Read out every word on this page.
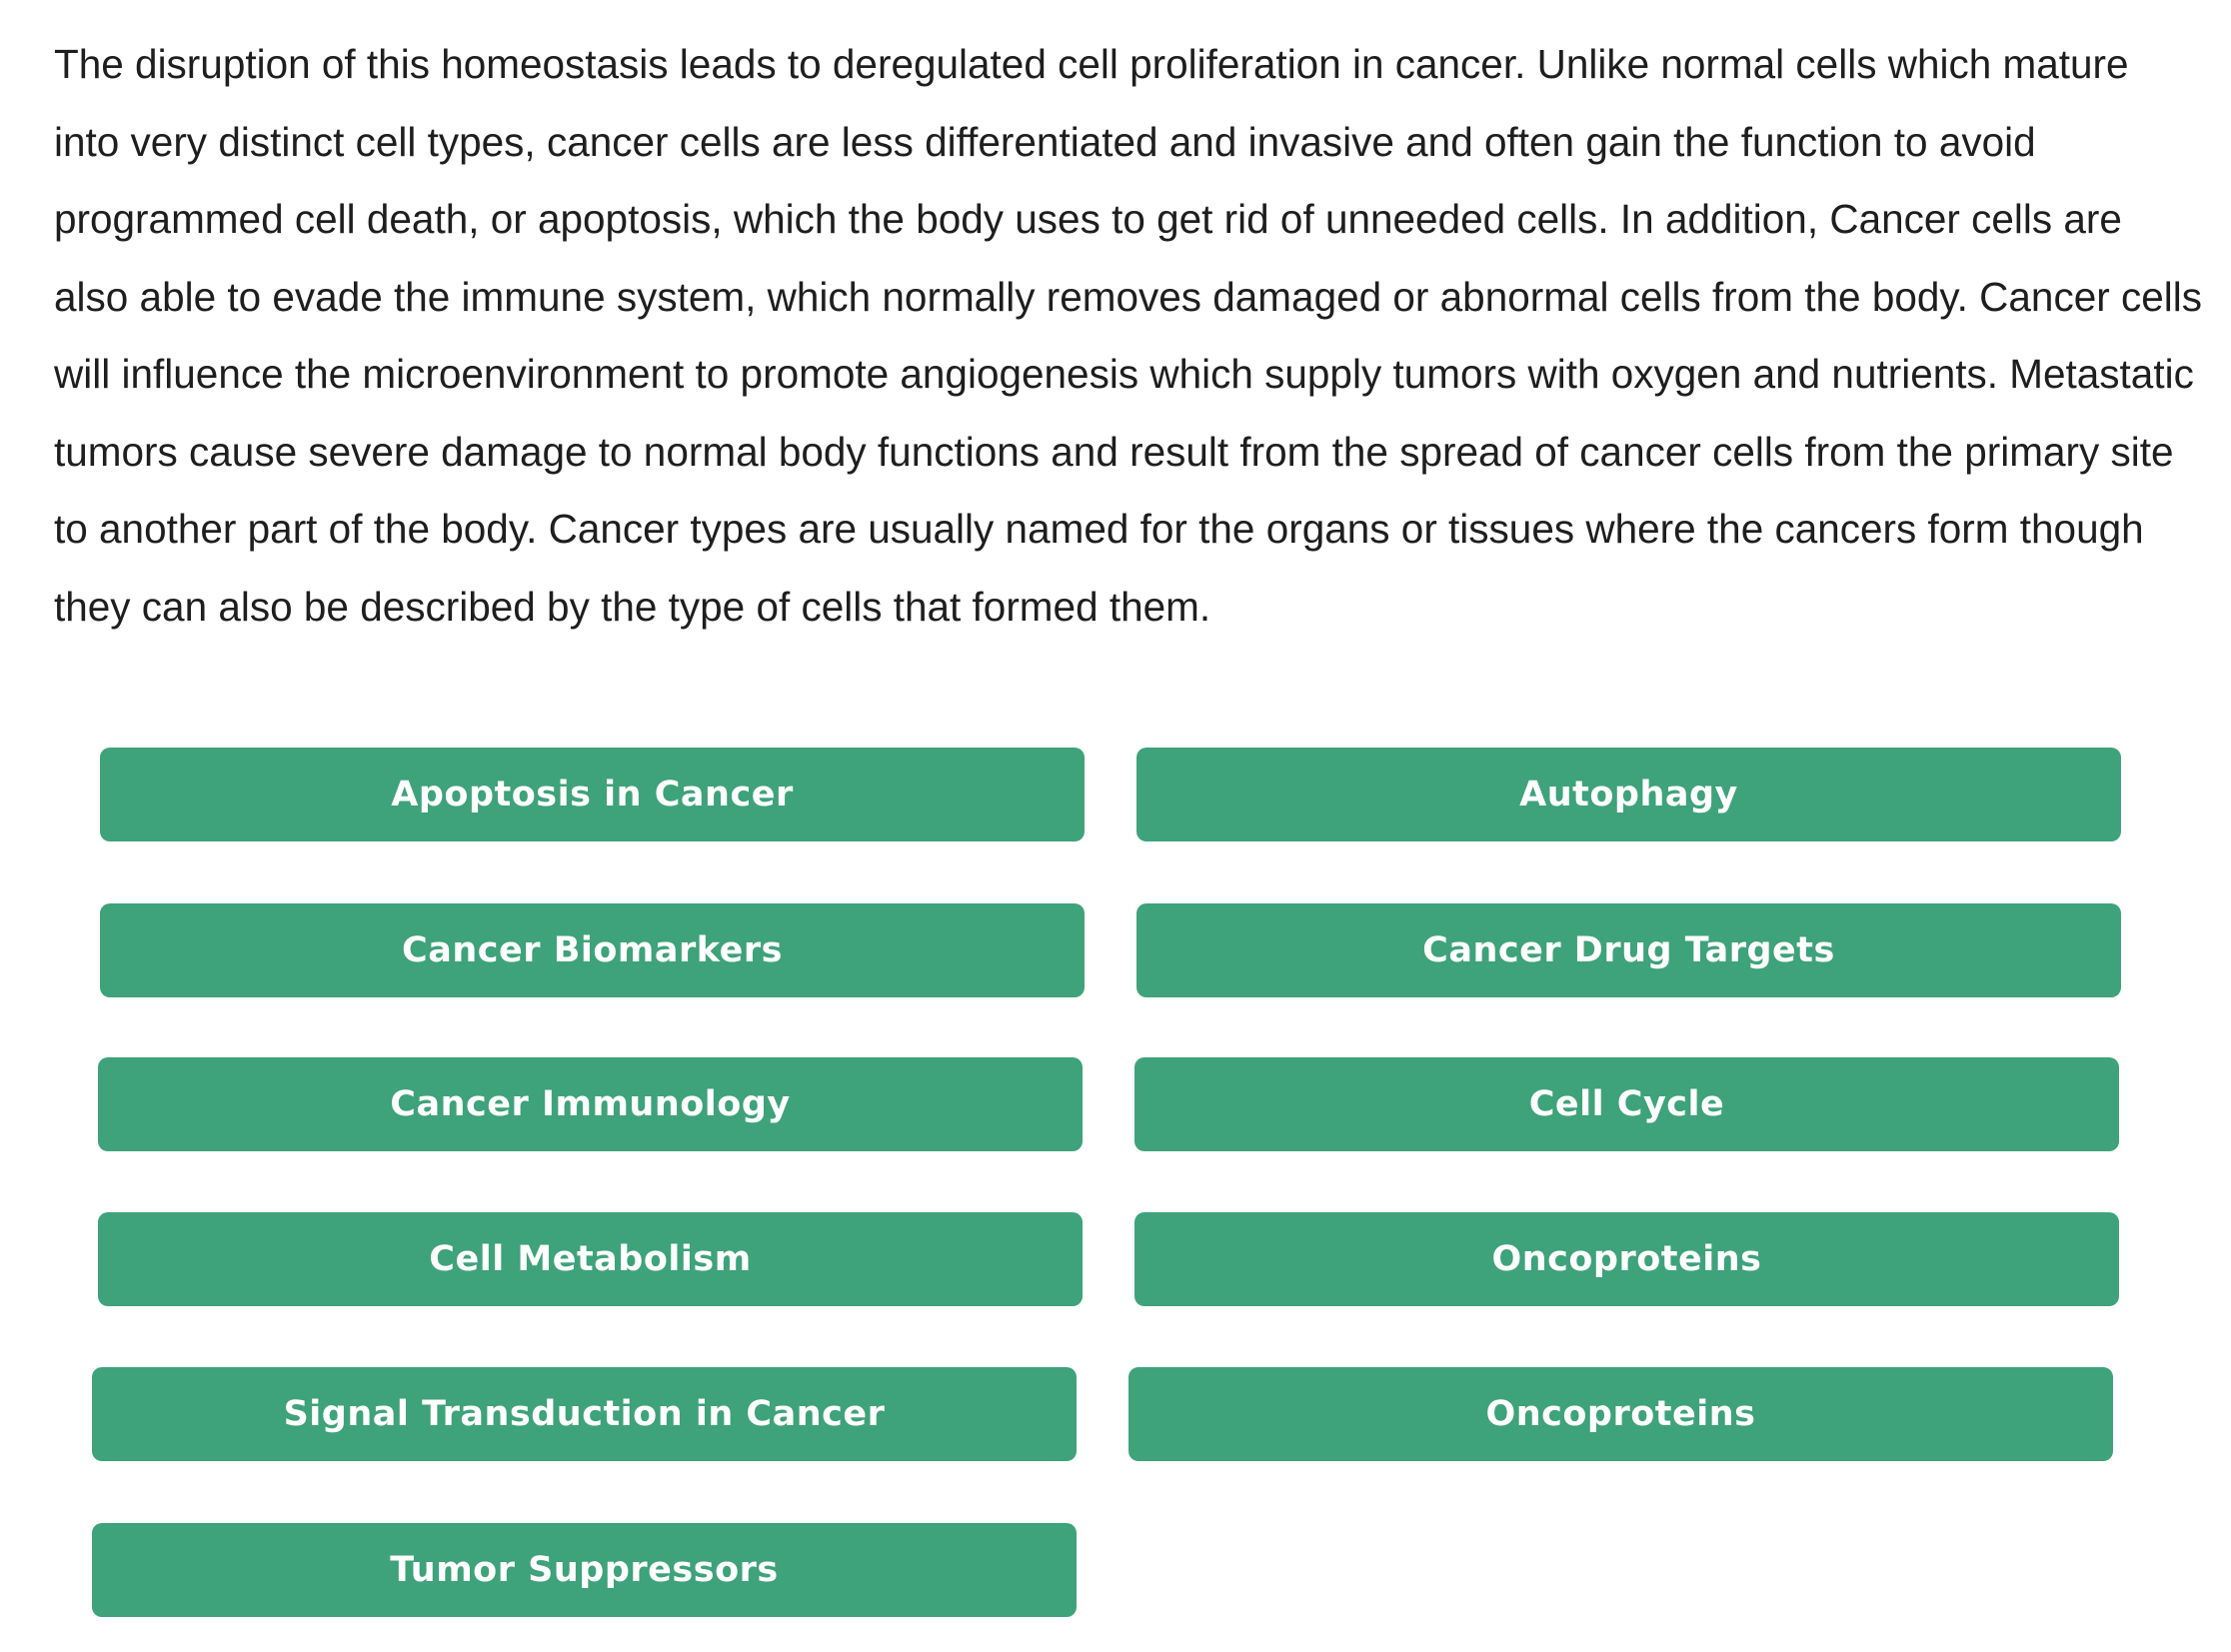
The disruption of this homeostasis leads to deregulated cell proliferation in cancer. Unlike normal cells which mature into very distinct cell types, cancer cells are less differentiated and invasive and often gain the function to avoid programmed cell death, or apoptosis, which the body uses to get rid of unneeded cells. In addition, Cancer cells are also able to evade the immune system, which normally removes damaged or abnormal cells from the body. Cancer cells will influence the microenvironment to promote angiogenesis which supply tumors with oxygen and nutrients. Metastatic tumors cause severe damage to normal body functions and result from the spread of cancer cells from the primary site to another part of the body. Cancer types are usually named for the organs or tissues where the cancers form though they can also be described by the type of cells that formed them.

Apoptosis in Cancer	Autophagy
Cancer Biomarkers	Cancer Drug Targets
Cancer Immunology	Cell Cycle
Cell Metabolism	Oncoproteins
Signal Transduction in Cancer	Oncoproteins
Tumor Suppressors
